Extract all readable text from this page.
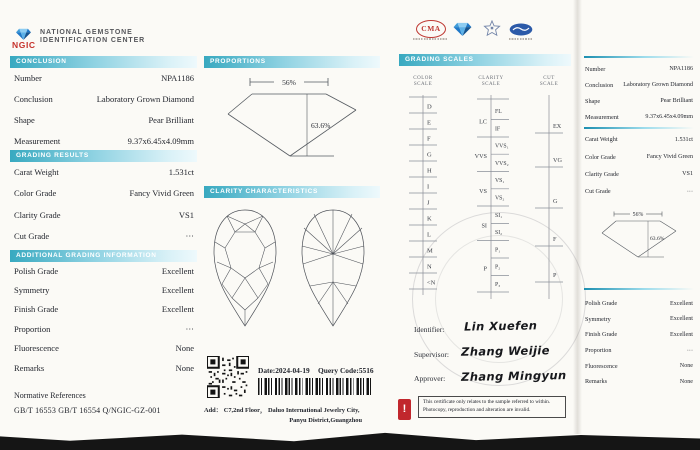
NGIC
NATIONAL GEMSTONE
IDENTIFICATION CENTER
CONCLUSION
Number	NPA1186
Conclusion	Laboratory Grown Diamond
Shape	Pear Brilliant
Measurement	9.37x6.45x4.09mm
GRADING RESULTS
Carat Weight	1.531ct
Color Grade	Fancy Vivid Green
Clarity Grade	VS1
Cut Grade	···
ADDITIONAL GRADING INFORMATION
Polish Grade	Excellent
Symmetry	Excellent
Finish Grade	Excellent
Proportion	···
Fluorescence	None
Remarks	None
Normative References
GB/T 16553 GB/T 16554 Q/NGIC-GZ-001
PROPORTIONS
56%
63.6%
CLARITY CHARACTERISTICS
Date:2024-04-19 Query Code:5516
Add： C7,2nd Floor， Daluo International Jewelry City,
Panyu District,Guangzhou
CMA
GRADING SCALES
COLOR SCALE
CLARITY SCALE
CUT SCALE
D
E
F
G
H
I
J
K
L
M
N
<N
FL
IF
VVS₁
VVS₂
VS₁
VS₂
SI₁
SI₂
P₁
P₂
P₃
LC
VVS
VS
SI
P
EX
VG
G
F
P
Identifier: Lin Xuefen
Supervisor: Zhang Weijie
Approver: Zhang Mingyun
!
This certificate only relates to the sample referred to within. Photocopy, reproduction and alteration are invalid.
Number	NPA1186
Conclusion Laboratory Grown Diamond
Shape	Pear Brilliant
Measurement	9.37x6.45x4.09mm
Carat Weight	1.531ct
Color Grade	Fancy Vivid Green
Clarity Grade	VS1
Cut Grade	···
56%
63.6%
Polish Grade	Excellent
Symmetry	Excellent
Finish Grade	Excellent
Proportion	···
Fluorescence	None
Remarks	None
